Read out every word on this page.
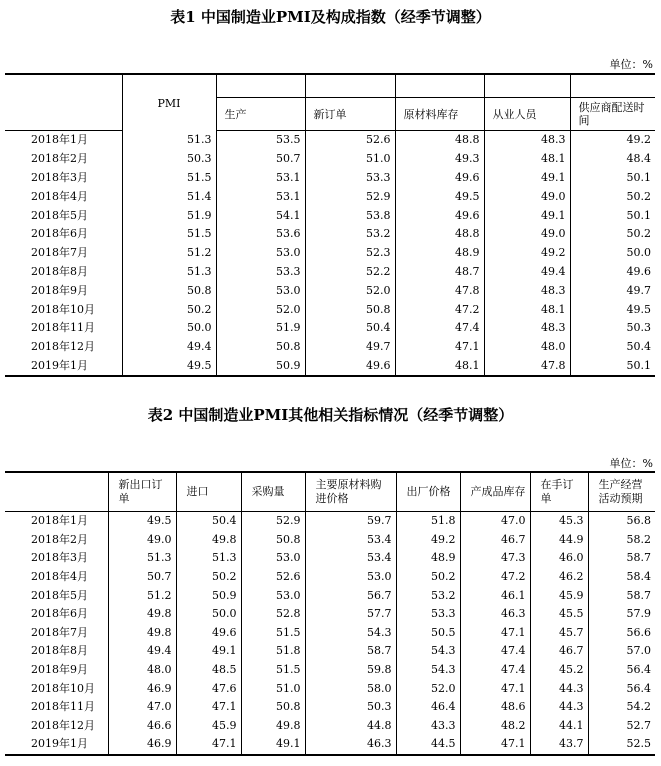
表1 中国制造业PMI及构成指数（经季节调整）
单位：%
	PMI					
		生产	新订单	原材料库存	从业人员	供应商配送时间
2018年1月	51.3	53.5	52.6	48.8	48.3	49.2
2018年2月	50.3	50.7	51.0	49.3	48.1	48.4
2018年3月	51.5	53.1	53.3	49.6	49.1	50.1
2018年4月	51.4	53.1	52.9	49.5	49.0	50.2
2018年5月	51.9	54.1	53.8	49.6	49.1	50.1
2018年6月	51.5	53.6	53.2	48.8	49.0	50.2
2018年7月	51.2	53.0	52.3	48.9	49.2	50.0
2018年8月	51.3	53.3	52.2	48.7	49.4	49.6
2018年9月	50.8	53.0	52.0	47.8	48.3	49.7
2018年10月	50.2	52.0	50.8	47.2	48.1	49.5
2018年11月	50.0	51.9	50.4	47.4	48.3	50.3
2018年12月	49.4	50.8	49.7	47.1	48.0	50.4
2019年1月	49.5	50.9	49.6	48.1	47.8	50.1
表2 中国制造业PMI其他相关指标情况（经季节调整）
单位：%
	新出口订单	进口	采购量	主要原材料购进价格	出厂价格	产成品库存	在手订单	生产经营活动预期
2018年1月	49.5	50.4	52.9	59.7	51.8	47.0	45.3	56.8
2018年2月	49.0	49.8	50.8	53.4	49.2	46.7	44.9	58.2
2018年3月	51.3	51.3	53.0	53.4	48.9	47.3	46.0	58.7
2018年4月	50.7	50.2	52.6	53.0	50.2	47.2	46.2	58.4
2018年5月	51.2	50.9	53.0	56.7	53.2	46.1	45.9	58.7
2018年6月	49.8	50.0	52.8	57.7	53.3	46.3	45.5	57.9
2018年7月	49.8	49.6	51.5	54.3	50.5	47.1	45.7	56.6
2018年8月	49.4	49.1	51.8	58.7	54.3	47.4	46.7	57.0
2018年9月	48.0	48.5	51.5	59.8	54.3	47.4	45.2	56.4
2018年10月	46.9	47.6	51.0	58.0	52.0	47.1	44.3	56.4
2018年11月	47.0	47.1	50.8	50.3	46.4	48.6	44.3	54.2
2018年12月	46.6	45.9	49.8	44.8	43.3	48.2	44.1	52.7
2019年1月	46.9	47.1	49.1	46.3	44.5	47.1	43.7	52.5
